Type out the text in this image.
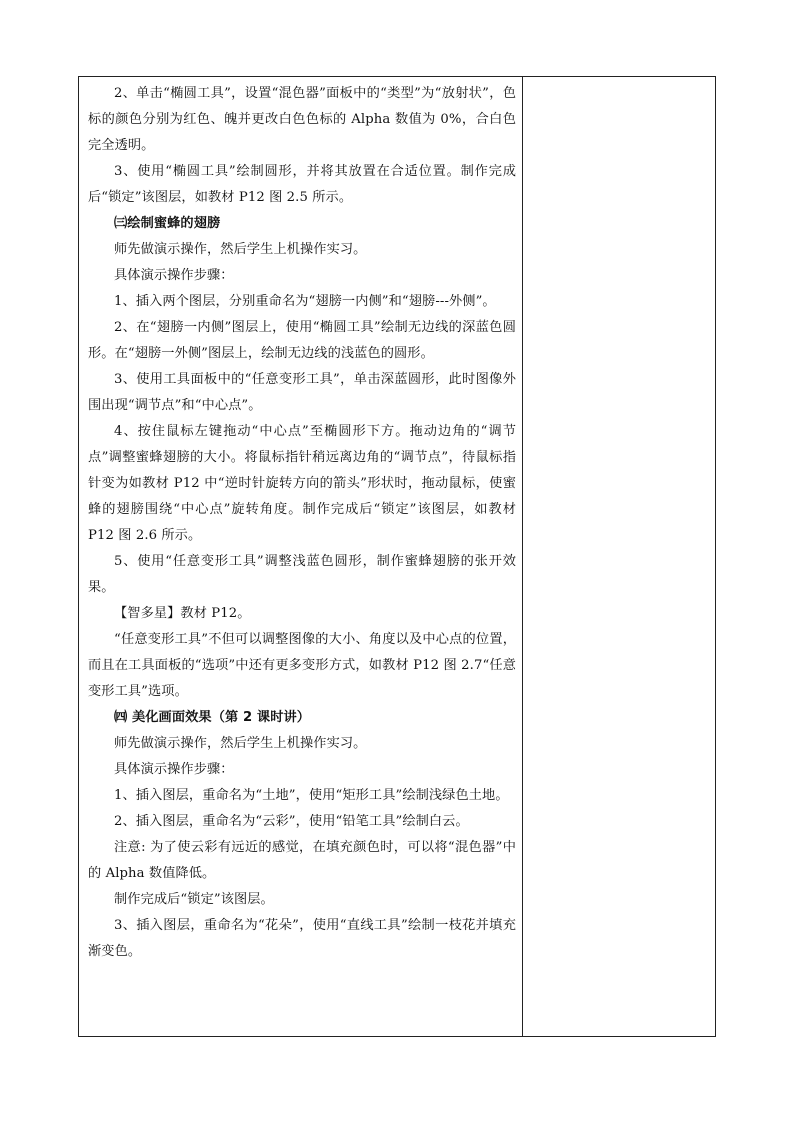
2、单击“椭圆工具”，设置“混色器”面板中的“类型”为“放射状”，色标的颜色分别为红色、魄并更改白色色标的 Alpha 数值为 0%，合白色完全透明。

3、使用“椭圆工具”绘制圆形，并将其放置在合适位置。制作完成后“锁定”该图层，如教材 P12 图 2.5 所示。

㈢绘制蜜蜂的翅膀

师先做演示操作，然后学生上机操作实习。

具体演示操作步骤：

1、插入两个图层，分别重命名为“翅膀一内侧”和“翅膀---外侧”。

2、在“翅膀一内侧”图层上，使用“椭圆工具”绘制无边线的深蓝色圆形。在“翅膀一外侧”图层上，绘制无边线的浅蓝色的圆形。

3、使用工具面板中的“任意变形工具”，单击深蓝圆形，此时图像外围出现“调节点”和“中心点”。

4、按住鼠标左键拖动“中心点”至椭圆形下方。拖动边角的“调节点”调整蜜蜂翅膀的大小。将鼠标指针稍远离边角的“调节点”，待鼠标指针变为如教材 P12 中“逆时针旋转方向的箭头”形状时，拖动鼠标，使蜜蜂的翅膀围绕“中心点”旋转角度。制作完成后“锁定”该图层，如教材 P12 图 2.6 所示。

5、使用“任意变形工具”调整浅蓝色圆形，制作蜜蜂翅膀的张开效果。

【智多星】教材 P12。

“任意变形工具”不但可以调整图像的大小、角度以及中心点的位置，而且在工具面板的“选项”中还有更多变形方式，如教材 P12 图 2.7“任意变形工具”选项。

㈣ 美化画面效果（第 2 课时讲）

师先做演示操作，然后学生上机操作实习。

具体演示操作步骤：

1、插入图层，重命名为“土地”，使用“矩形工具”绘制浅绿色土地。

2、插入图层，重命名为“云彩”，使用“铅笔工具”绘制白云。

注意: 为了使云彩有远近的感觉，在填充颜色时，可以将“混色器”中的 Alpha 数值降低。

制作完成后“锁定”该图层。

3、插入图层，重命名为“花朵”，使用“直线工具”绘制一枝花并填充渐变色。
